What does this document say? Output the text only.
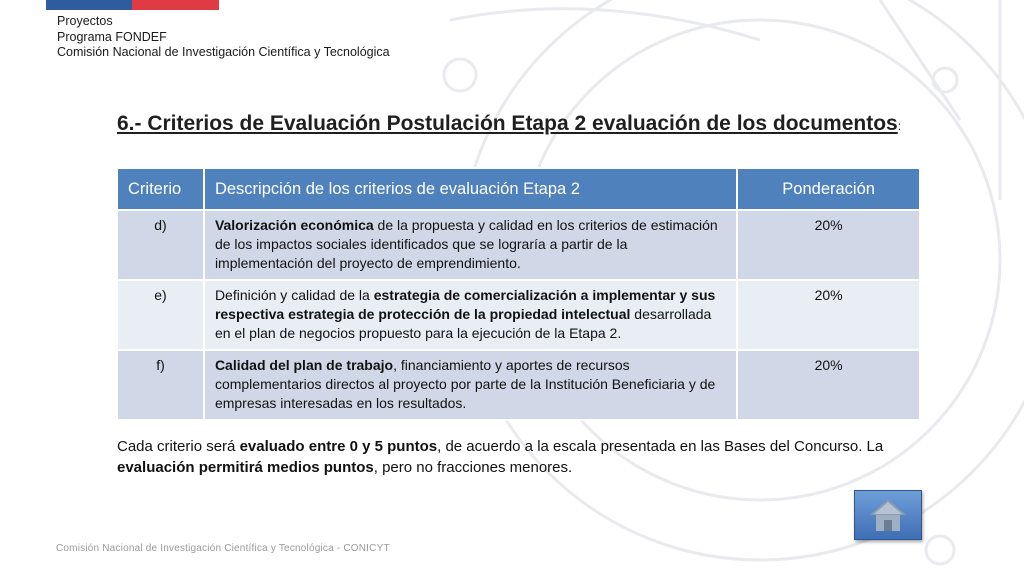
Proyectos
Programa FONDEF
Comisión Nacional de Investigación Científica y Tecnológica
6.- Criterios de Evaluación Postulación Etapa 2 evaluación de los documentos:
Criterio	Descripción de los criterios de evaluación Etapa 2	Ponderación
d)	Valorización económica de la propuesta y calidad en los criterios de estimación de los impactos sociales identificados que se lograría a partir de la implementación del proyecto de emprendimiento.	20%
e)	Definición y calidad de la estrategia de comercialización a implementar y sus respectiva estrategia de protección de la propiedad intelectual desarrollada en el plan de negocios propuesto para la ejecución de la Etapa 2.	20%
f)	Calidad del plan de trabajo, financiamiento y aportes de recursos complementarios directos al proyecto por parte de la Institución Beneficiaria y de empresas interesadas en los resultados.	20%
Cada criterio será evaluado entre 0 y 5 puntos, de acuerdo a la escala presentada en las Bases del Concurso. La evaluación permitirá medios puntos, pero no fracciones menores.
Comisión Nacional de Investigación Científica y Tecnológica - CONICYT
